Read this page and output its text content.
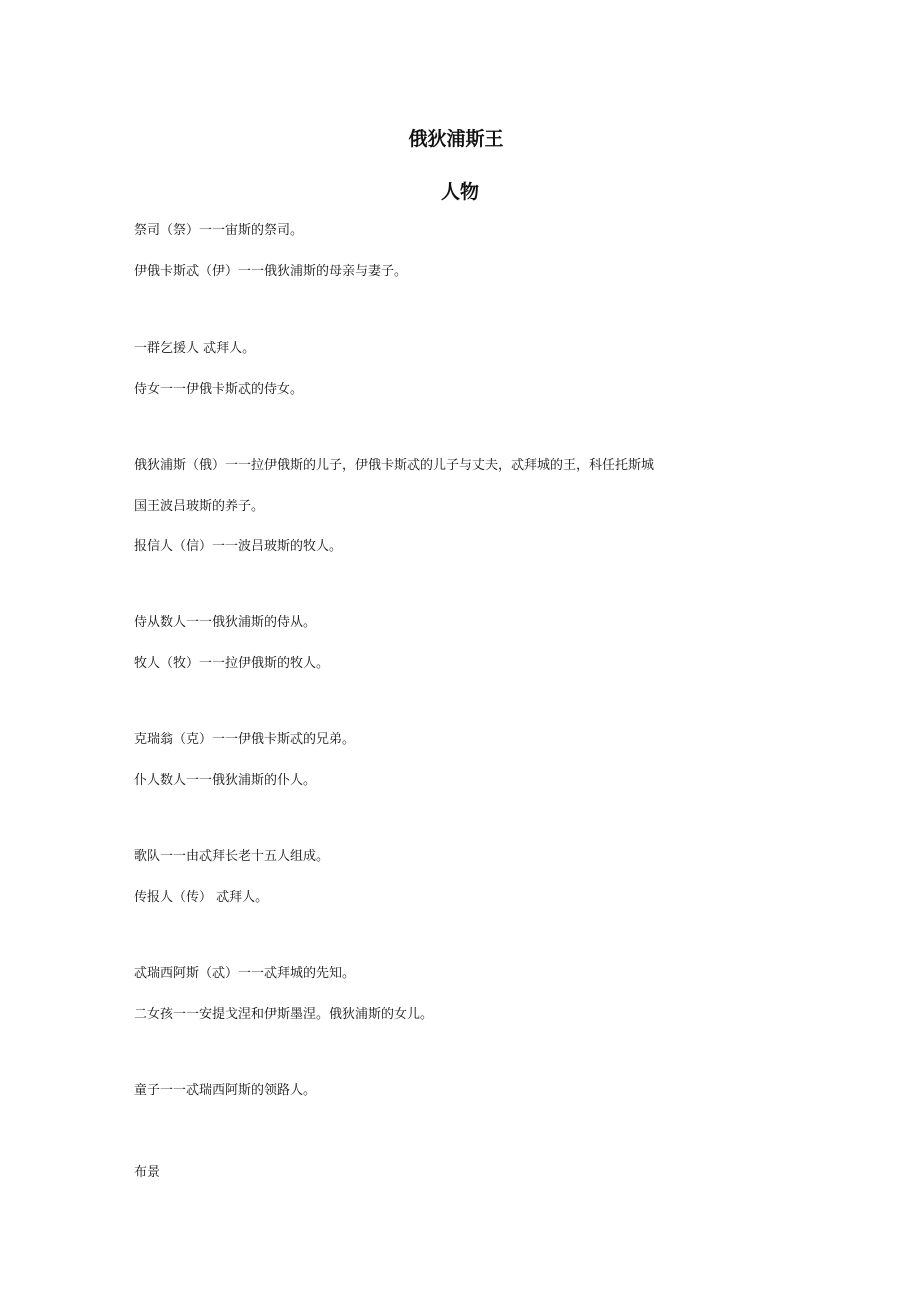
俄狄浦斯王
人物

祭司（祭）一一宙斯的祭司。

伊俄卡斯忒（伊）一一俄狄浦斯的母亲与妻子。

一群乞援人 忒拜人。

侍女一一伊俄卡斯忒的侍女。

俄狄浦斯（俄）一一拉伊俄斯的儿子，伊俄卡斯忒的儿子与丈夫，忒拜城的王，科任托斯城

国王波吕玻斯的养子。

报信人（信）一一波吕玻斯的牧人。

侍从数人一一俄狄浦斯的侍从。

牧人（牧）一一拉伊俄斯的牧人。

克瑞翁（克）一一伊俄卡斯忒的兄弟。

仆人数人一一俄狄浦斯的仆人。

歌队一一由忒拜长老十五人组成。

传报人（传） 忒拜人。

忒瑞西阿斯（忒）一一忒拜城的先知。

二女孩一一安提戈涅和伊斯墨涅。俄狄浦斯的女儿。

童子一一忒瑞西阿斯的领路人。

布景
